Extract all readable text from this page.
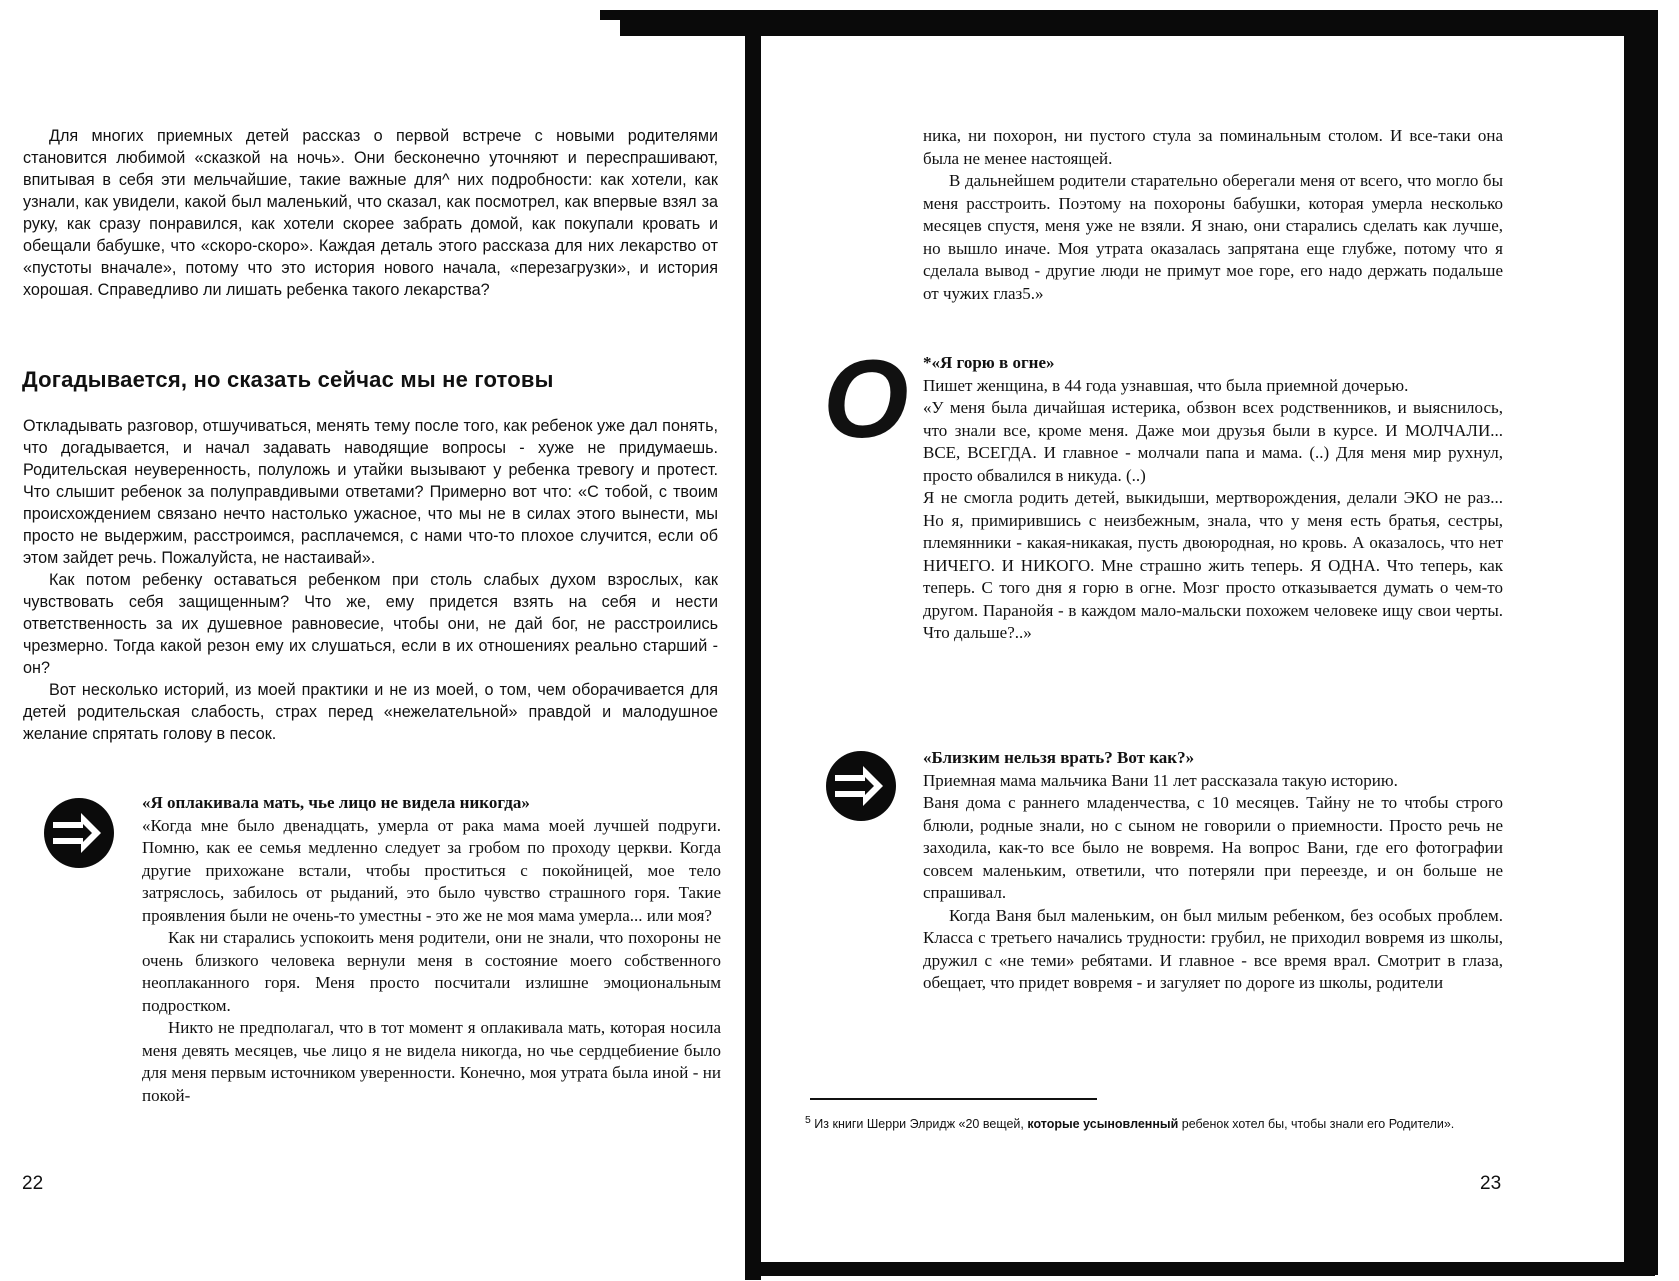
Для многих приемных детей рассказ о первой встрече с новыми родителями становится любимой «сказкой на ночь». Они бесконечно уточняют и переспрашивают, впитывая в себя эти мельчайшие, такие важные для^ них подробности: как хотели, как узнали, как увидели, какой был маленький, что сказал, как посмотрел, как впервые взял за руку, как сразу понравился, как хотели скорее забрать домой, как покупали кровать и обещали бабушке, что «скоро-скоро». Каждая деталь этого рассказа для них лекарство от «пустоты вначале», потому что это история нового начала, «перезагрузки», и история хорошая. Справедливо ли лишать ребенка такого лекарства?

Догадывается, но сказать сейчас мы не готовы

Откладывать разговор, отшучиваться, менять тему после того, как ребенок уже дал понять, что догадывается, и начал задавать наводящие вопросы - хуже не придумаешь. Родительская неуверенность, полуложь и утайки вызывают у ребенка тревогу и протест. Что слышит ребенок за полуправдивыми ответами? Примерно вот что: «С тобой, с твоим происхождением связано нечто настолько ужасное, что мы не в силах этого вынести, мы просто не выдержим, расстроимся, расплачемся, с нами что-то плохое случится, если об этом зайдет речь. Пожалуйста, не настаивай».

Как потом ребенку оставаться ребенком при столь слабых духом взрослых, как чувствовать себя защищенным? Что же, ему придется взять на себя и нести ответственность за их душевное равновесие, чтобы они, не дай бог, не расстроились чрезмерно. Тогда какой резон ему их слушаться, если в их отношениях реально старший - он?

Вот несколько историй, из моей практики и не из моей, о том, чем оборачивается для детей родительская слабость, страх перед «нежелательной» правдой и малодушное желание спрятать голову в песок.

«Я оплакивала мать, чье лицо не видела никогда»

«Когда мне было двенадцать, умерла от рака мама моей лучшей подруги. Помню, как ее семья медленно следует за гробом по проходу церкви. Когда другие прихожане встали, чтобы проститься с покойницей, мое тело затряслось, забилось от рыданий, это было чувство страшного горя. Такие проявления были не очень-то уместны - это же не моя мама умерла... или моя?

Как ни старались успокоить меня родители, они не знали, что похороны не очень близкого человека вернули меня в состояние моего собственного неоплаканного горя. Меня просто посчитали излишне эмоциональным подростком.

Никто не предполагал, что в тот момент я оплакивала мать, которая носила меня девять месяцев, чье лицо я не видела никогда, но чье сердцебиение было для меня первым источником уверенности. Конечно, моя утрата была иной - ни покой-

22

ника, ни похорон, ни пустого стула за поминальным столом. И все-таки она была не менее настоящей.

В дальнейшем родители старательно оберегали меня от всего, что могло бы меня расстроить. Поэтому на похороны бабушки, которая умерла несколько месяцев спустя, меня уже не взяли. Я знаю, они старались сделать как лучше, но вышло иначе. Моя утрата оказалась запрятана еще глубже, потому что я сделала вывод - другие люди не примут мое горе, его надо держать подальше от чужих глаз5.»

О *«Я горю в огне»

Пишет женщина, в 44 года узнавшая, что была приемной дочерью.

«У меня была дичайшая истерика, обзвон всех родственников, и выяснилось, что знали все, кроме меня. Даже мои друзья были в курсе. И МОЛЧАЛИ... ВСЕ, ВСЕГДА. И главное - молчали папа и мама. (..) Для меня мир рухнул, просто обвалился в никуда. (..)

Я не смогла родить детей, выкидыши, мертворождения, делали ЭКО не раз... Но я, примирившись с неизбежным, знала, что у меня есть братья, сестры, племянники - какая-никакая, пусть двоюродная, но кровь. А оказалось, что нет НИЧЕГО. И НИКОГО. Мне страшно жить теперь. Я ОДНА. Что теперь, как теперь. С того дня я горю в огне. Мозг просто отказывается думать о чем-то другом. Паранойя - в каждом мало-мальски похожем человеке ищу свои черты. Что дальше?..»

«Близким нельзя врать? Вот как?»

Приемная мама мальчика Вани 11 лет рассказала такую историю.

Ваня дома с раннего младенчества, с 10 месяцев. Тайну не то чтобы строго блюли, родные знали, но с сыном не говорили о приемности. Просто речь не заходила, как-то все было не вовремя. На вопрос Вани, где его фотографии совсем маленьким, ответили, что потеряли при переезде, и он больше не спрашивал.

Когда Ваня был маленьким, он был милым ребенком, без особых проблем. Класса с третьего начались трудности: грубил, не приходил вовремя из школы, дружил с «не теми» ребятами. И главное - все время врал. Смотрит в глаза, обещает, что придет вовремя - и загуляет по дороге из школы, родители

$^5$ Из книги Шерри Элридж «20 вещей, которые усыновленный ребенок хотел бы, чтобы знали его Родители».
23
